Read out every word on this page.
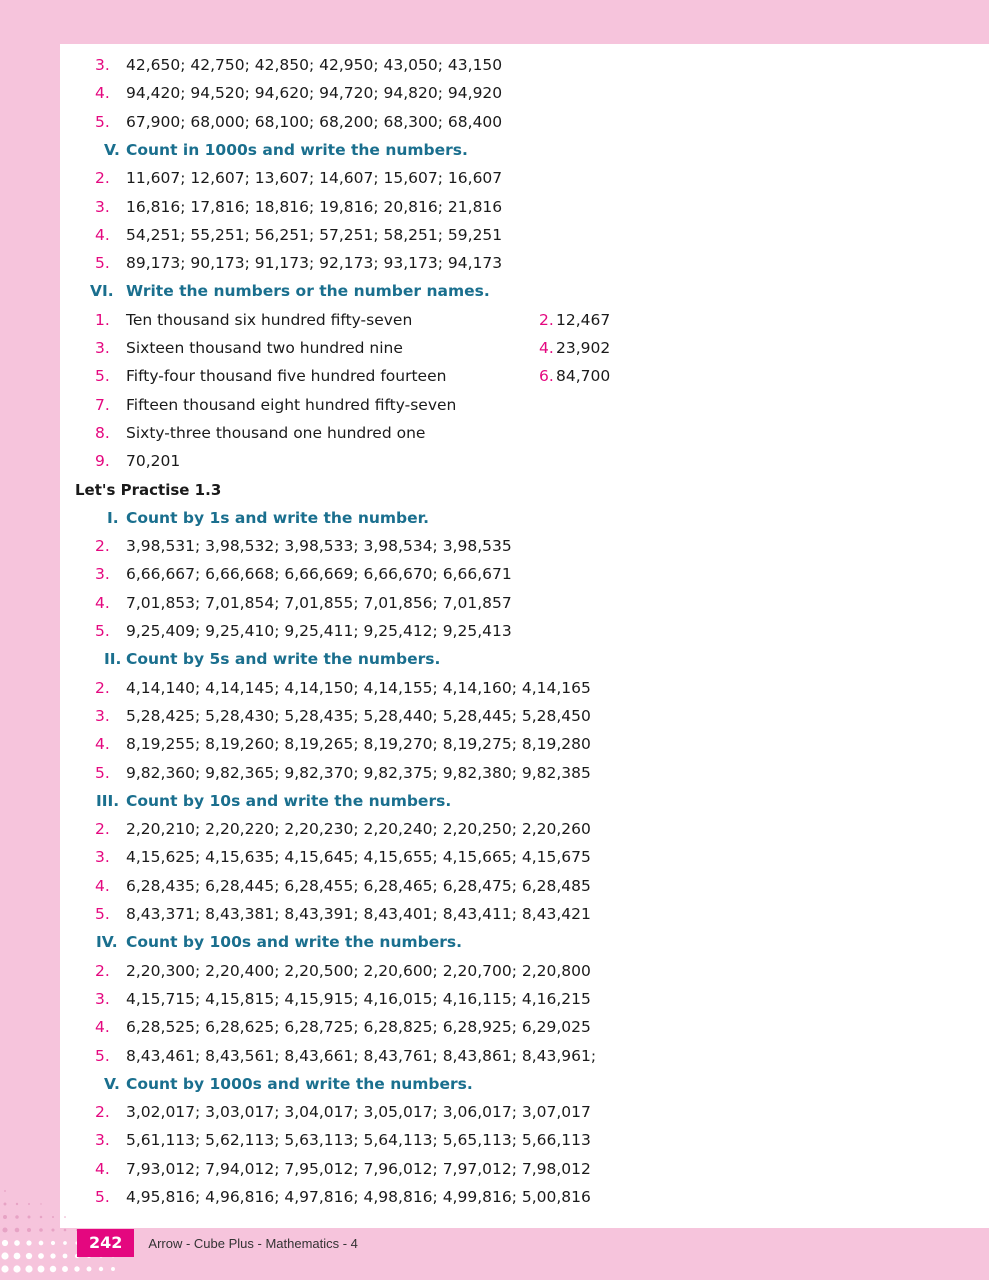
242	Arrow - Cube Plus - Mathematics - 4
3. 42,650; 42,750; 42,850; 42,950; 43,050; 43,150
4. 94,420; 94,520; 94,620; 94,720; 94,820; 94,920
5. 67,900; 68,000; 68,100; 68,200; 68,300; 68,400
V. Count in 1000s and write the numbers.
2. 11,607; 12,607; 13,607; 14,607; 15,607; 16,607
3. 16,816; 17,816; 18,816; 19,816; 20,816; 21,816
4. 54,251; 55,251; 56,251; 57,251; 58,251; 59,251
5. 89,173; 90,173; 91,173; 92,173; 93,173; 94,173
VI. Write the numbers or the number names.
1. Ten thousand six hundred fifty-seven	2. 12,467
3. Sixteen thousand two hundred nine	4. 23,902
5. Fifty-four thousand five hundred fourteen	6. 84,700
7. Fifteen thousand eight hundred fifty-seven
8. Sixty-three thousand one hundred one
9. 70,201
Let's Practise 1.3
I. Count by 1s and write the number.
2. 3,98,531; 3,98,532; 3,98,533; 3,98,534; 3,98,535
3. 6,66,667; 6,66,668; 6,66,669; 6,66,670; 6,66,671
4. 7,01,853; 7,01,854; 7,01,855; 7,01,856; 7,01,857
5. 9,25,409; 9,25,410; 9,25,411; 9,25,412; 9,25,413
II. Count by 5s and write the numbers.
2. 4,14,140; 4,14,145; 4,14,150; 4,14,155; 4,14,160; 4,14,165
3. 5,28,425; 5,28,430; 5,28,435; 5,28,440; 5,28,445; 5,28,450
4. 8,19,255; 8,19,260; 8,19,265; 8,19,270; 8,19,275; 8,19,280
5. 9,82,360; 9,82,365; 9,82,370; 9,82,375; 9,82,380; 9,82,385
III. Count by 10s and write the numbers.
2. 2,20,210; 2,20,220; 2,20,230; 2,20,240; 2,20,250; 2,20,260
3. 4,15,625; 4,15,635; 4,15,645; 4,15,655; 4,15,665; 4,15,675
4. 6,28,435; 6,28,445; 6,28,455; 6,28,465; 6,28,475; 6,28,485
5. 8,43,371; 8,43,381; 8,43,391; 8,43,401; 8,43,411; 8,43,421
IV. Count by 100s and write the numbers.
2. 2,20,300; 2,20,400; 2,20,500; 2,20,600; 2,20,700; 2,20,800
3. 4,15,715; 4,15,815; 4,15,915; 4,16,015; 4,16,115; 4,16,215
4. 6,28,525; 6,28,625; 6,28,725; 6,28,825; 6,28,925; 6,29,025
5. 8,43,461; 8,43,561; 8,43,661; 8,43,761; 8,43,861; 8,43,961;
V. Count by 1000s and write the numbers.
2. 3,02,017; 3,03,017; 3,04,017; 3,05,017; 3,06,017; 3,07,017
3. 5,61,113; 5,62,113; 5,63,113; 5,64,113; 5,65,113; 5,66,113
4. 7,93,012; 7,94,012; 7,95,012; 7,96,012; 7,97,012; 7,98,012
5. 4,95,816; 4,96,816; 4,97,816; 4,98,816; 4,99,816; 5,00,816
